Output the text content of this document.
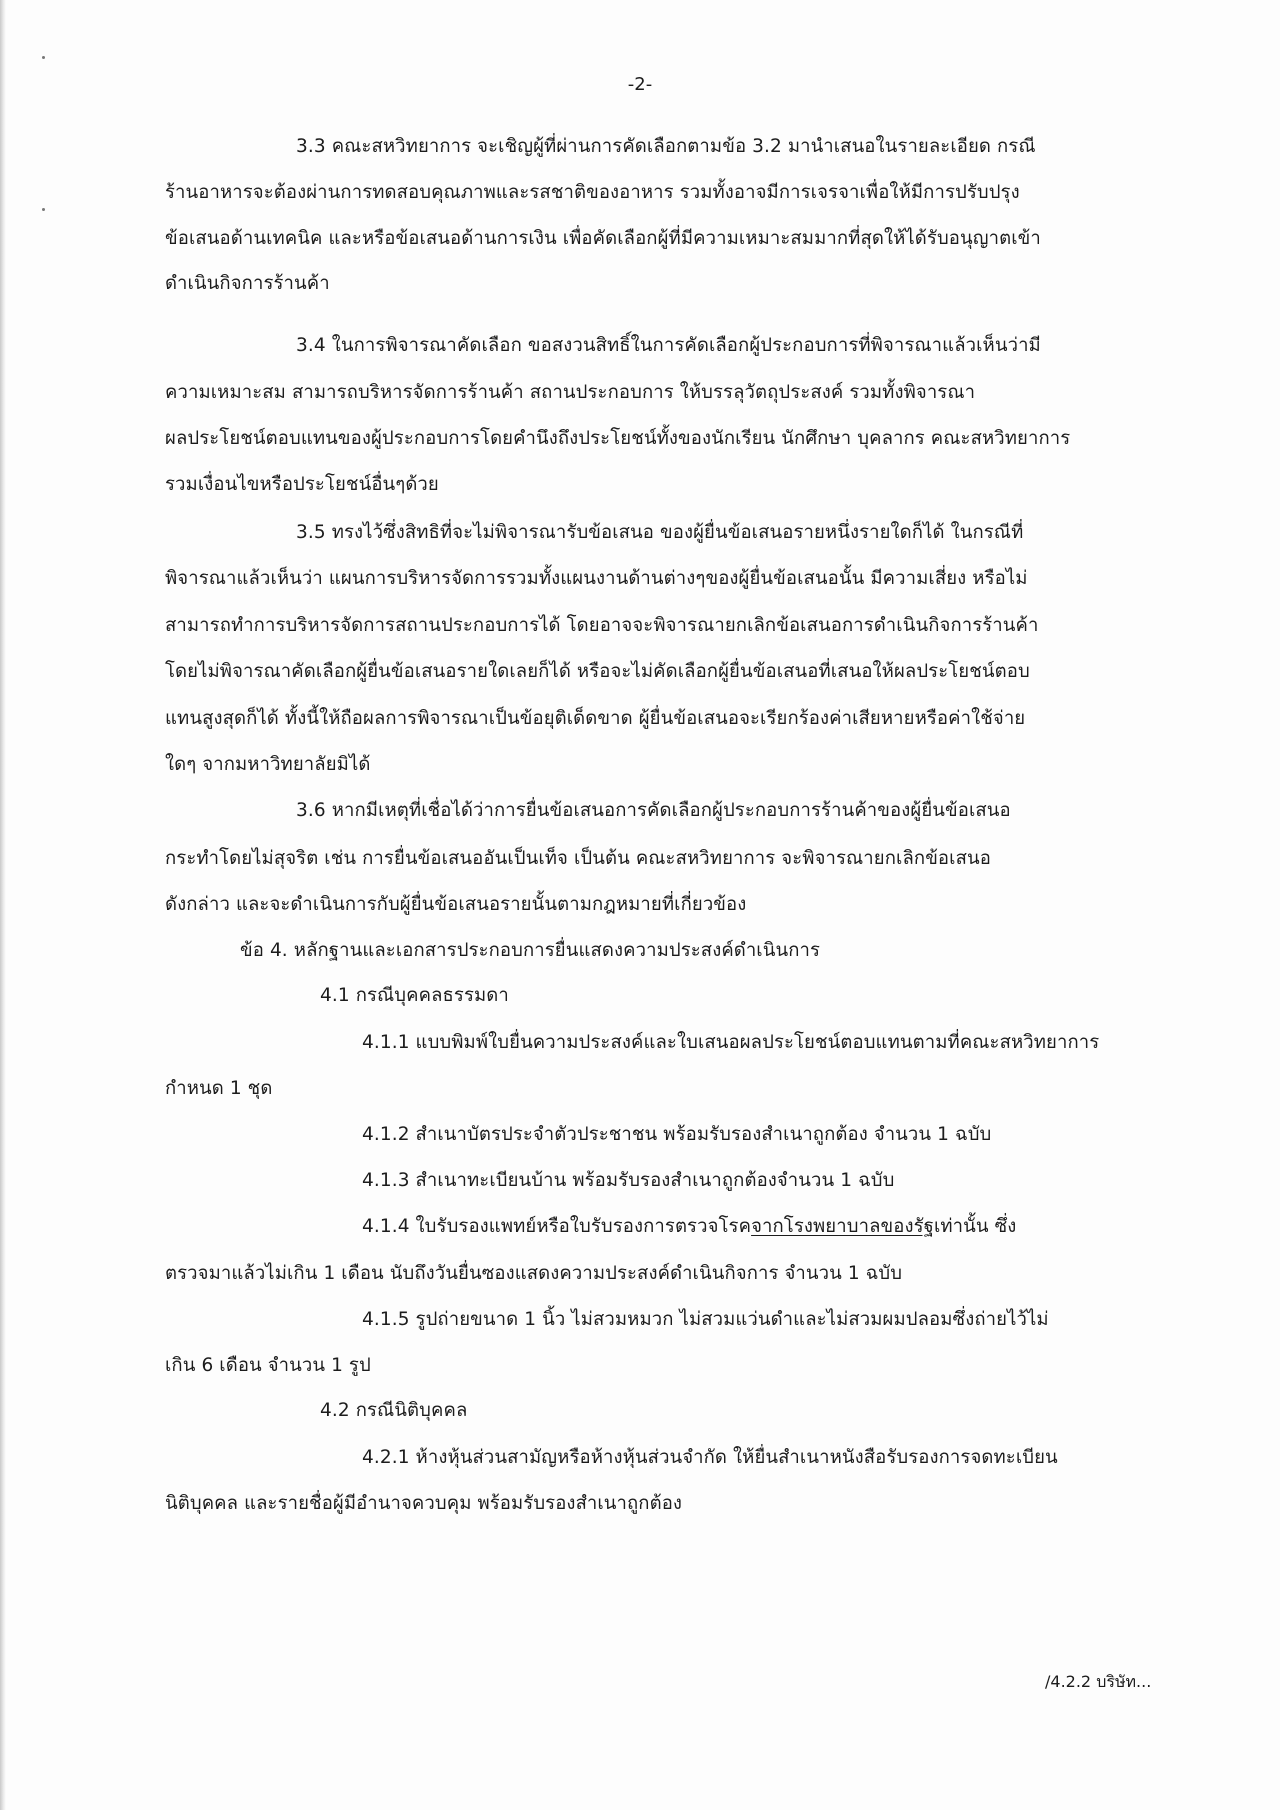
-2-
3.3 คณะสหวิทยาการ จะเชิญผู้ที่ผ่านการคัดเลือกตามข้อ 3.2 มานำเสนอในรายละเอียด กรณี
ร้านอาหารจะต้องผ่านการทดสอบคุณภาพและรสชาติของอาหาร รวมทั้งอาจมีการเจรจาเพื่อให้มีการปรับปรุง
ข้อเสนอด้านเทคนิค และหรือข้อเสนอด้านการเงิน เพื่อคัดเลือกผู้ที่มีความเหมาะสมมากที่สุดให้ได้รับอนุญาตเข้า
ดำเนินกิจการร้านค้า
3.4 ในการพิจารณาคัดเลือก ขอสงวนสิทธิ์ในการคัดเลือกผู้ประกอบการที่พิจารณาแล้วเห็นว่ามี
ความเหมาะสม สามารถบริหารจัดการร้านค้า สถานประกอบการ ให้บรรลุวัตถุประสงค์ รวมทั้งพิจารณา
ผลประโยชน์ตอบแทนของผู้ประกอบการโดยคำนึงถึงประโยชน์ทั้งของนักเรียน นักศึกษา บุคลากร คณะสหวิทยาการ
รวมเงื่อนไขหรือประโยชน์อื่นๆด้วย
3.5 ทรงไว้ซึ่งสิทธิที่จะไม่พิจารณารับข้อเสนอ ของผู้ยื่นข้อเสนอรายหนึ่งรายใดก็ได้ ในกรณีที่
พิจารณาแล้วเห็นว่า แผนการบริหารจัดการรวมทั้งแผนงานด้านต่างๆของผู้ยื่นข้อเสนอนั้น มีความเสี่ยง หรือไม่
สามารถทำการบริหารจัดการสถานประกอบการได้ โดยอาจจะพิจารณายกเลิกข้อเสนอการดำเนินกิจการร้านค้า
โดยไม่พิจารณาคัดเลือกผู้ยื่นข้อเสนอรายใดเลยก็ได้ หรือจะไม่คัดเลือกผู้ยื่นข้อเสนอที่เสนอให้ผลประโยชน์ตอบ
แทนสูงสุดก็ได้ ทั้งนี้ให้ถือผลการพิจารณาเป็นข้อยุติเด็ดขาด ผู้ยื่นข้อเสนอจะเรียกร้องค่าเสียหายหรือค่าใช้จ่าย
ใดๆ จากมหาวิทยาลัยมิได้
3.6 หากมีเหตุที่เชื่อได้ว่าการยื่นข้อเสนอการคัดเลือกผู้ประกอบการร้านค้าของผู้ยื่นข้อเสนอ
กระทำโดยไม่สุจริต เช่น การยื่นข้อเสนออันเป็นเท็จ เป็นต้น คณะสหวิทยาการ จะพิจารณายกเลิกข้อเสนอ
ดังกล่าว และจะดำเนินการกับผู้ยื่นข้อเสนอรายนั้นตามกฎหมายที่เกี่ยวข้อง
ข้อ 4. หลักฐานและเอกสารประกอบการยื่นแสดงความประสงค์ดำเนินการ
4.1 กรณีบุคคลธรรมดา
4.1.1 แบบพิมพ์ใบยื่นความประสงค์และใบเสนอผลประโยชน์ตอบแทนตามที่คณะสหวิทยาการ
กำหนด 1 ชุด
4.1.2 สำเนาบัตรประจำตัวประชาชน พร้อมรับรองสำเนาถูกต้อง จำนวน 1 ฉบับ
4.1.3 สำเนาทะเบียนบ้าน พร้อมรับรองสำเนาถูกต้องจำนวน 1 ฉบับ
4.1.4 ใบรับรองแพทย์หรือใบรับรองการตรวจโรคจากโรงพยาบาลของรัฐเท่านั้น ซึ่ง
ตรวจมาแล้วไม่เกิน 1 เดือน นับถึงวันยื่นซองแสดงความประสงค์ดำเนินกิจการ จำนวน 1 ฉบับ
4.1.5 รูปถ่ายขนาด 1 นิ้ว ไม่สวมหมวก ไม่สวมแว่นดำและไม่สวมผมปลอมซึ่งถ่ายไว้ไม่
เกิน 6 เดือน จำนวน 1 รูป
4.2 กรณีนิติบุคคล
4.2.1 ห้างหุ้นส่วนสามัญหรือห้างหุ้นส่วนจำกัด ให้ยื่นสำเนาหนังสือรับรองการจดทะเบียน
นิติบุคคล และรายชื่อผู้มีอำนาจควบคุม พร้อมรับรองสำเนาถูกต้อง
/4.2.2 บริษัท...
